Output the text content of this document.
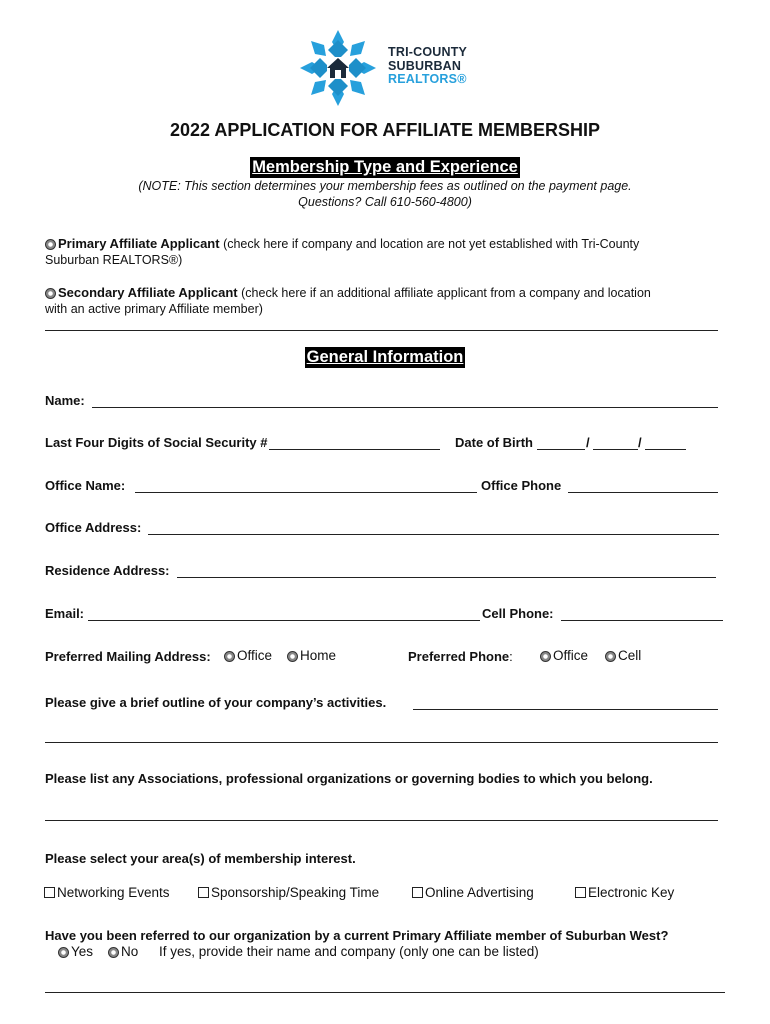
TRI-COUNTY
SUBURBAN
REALTORS®
2022 APPLICATION FOR AFFILIATE MEMBERSHIP
Membership Type and Experience
(NOTE: This section determines your membership fees as outlined on the payment page.
Questions? Call 610-560-4800)
Primary Affiliate Applicant (check here if company and location are not yet established with Tri-County
Suburban REALTORS®)
Secondary Affiliate Applicant (check here if an additional affiliate applicant from a company and location
with an active primary Affiliate member)
General Information
Name:
Last Four Digits of Social Security #	Date of Birth	/	/
Office Name:	Office Phone
Office Address:
Residence Address:
Email:	Cell Phone:
Preferred Mailing Address:	Office	Home	Preferred Phone:	Office	Cell
Please give a brief outline of your company’s activities.
Please list any Associations, professional organizations or governing bodies to which you belong.
Please select your area(s) of membership interest.
Networking Events	Sponsorship/Speaking Time	Online Advertising	Electronic Key
Have you been referred to our organization by a current Primary Affiliate member of Suburban West?
Yes	No If yes, provide their name and company (only one can be listed)
